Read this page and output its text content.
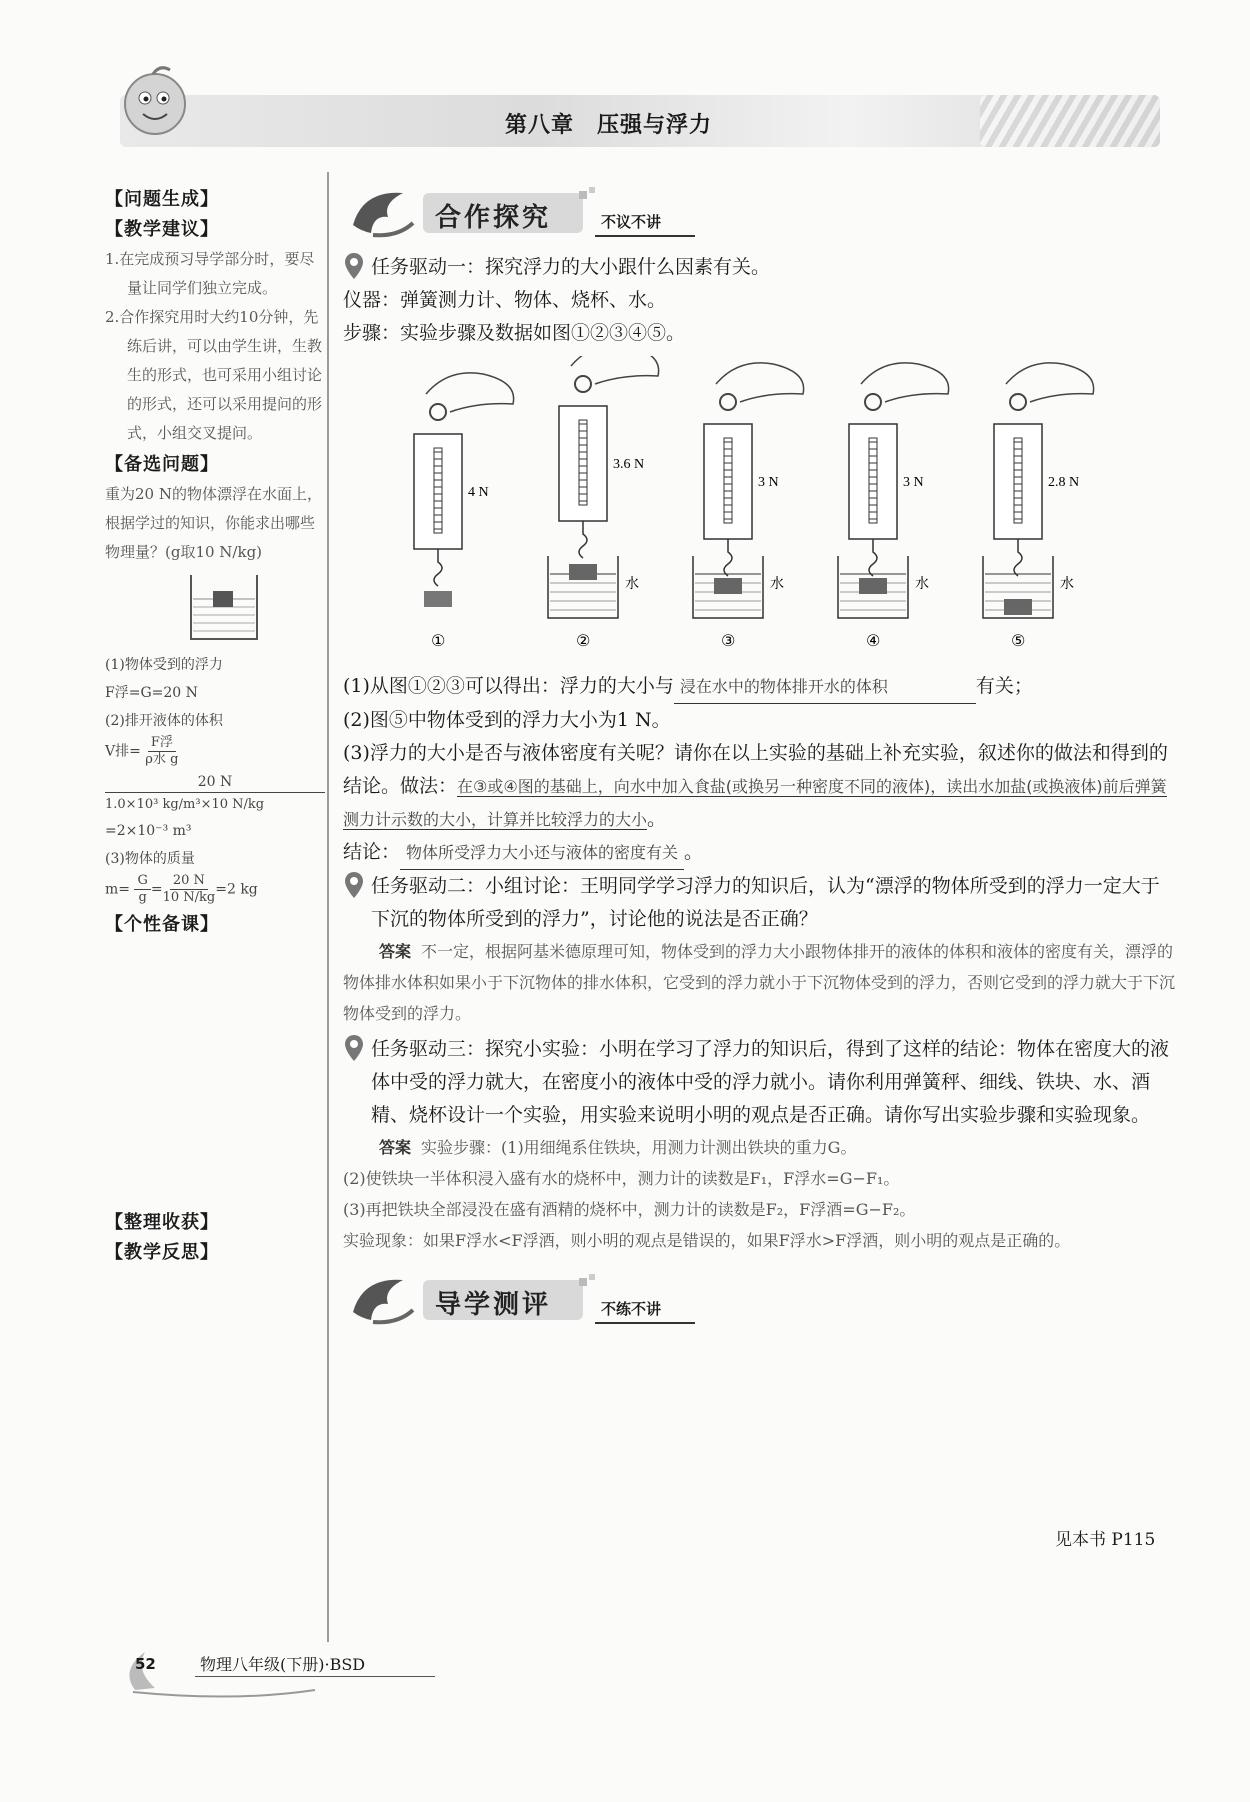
第八章　压强与浮力
【问题生成】
【教学建议】
1.在完成预习导学部分时，要尽量让同学们独立完成。
2.合作探究用时大约10分钟，先练后讲，可以由学生讲，生教生的形式，也可采用小组讨论的形式，还可以采用提问的形式，小组交叉提问。
【备选问题】
重为20 N的物体漂浮在水面上，根据学过的知识，你能求出哪些物理量？(g取10 N/kg)
(1)物体受到的浮力
F浮=G=20 N
(2)排开液体的体积
V排= $\frac{\text{F浮}}{\text{ρ水 g}}$
20 N
1.0×10³ kg/m³×10 N/kg
=2×10⁻³ m³
(3)物体的质量
$m= \frac{G}{g} = \frac{20 N}{10 N/kg} =2$ kg
【个性备课】
【整理收获】
【教学反思】
合作探究	不议不讲

任务驱动一：探究浮力的大小跟什么因素有关。

仪器：弹簧测力计、物体、烧杯、水。

步骤：实验步骤及数据如图①②③④⑤。

4 N
①
3.6 N
水
②
3 N
水
③
3 N
水
④
2.8 N
水
⑤

(1)从图①②③可以得出：浮力的大小与 浸在水中的物体排开水的体积	有关；

(2)图⑤中物体受到的浮力大小为1 N。

(3)浮力的大小是否与液体密度有关呢？请你在以上实验的基础上补充实验，叙述你的做法和得到的结论。做法：在③或④图的基础上，向水中加入食盐(或换另一种密度不同的液体)，读出水加盐(或换液体)前后弹簧测力计示数的大小，计算并比较浮力的大小。

结论： 物体所受浮力大小还与液体的密度有关 。

任务驱动二：小组讨论：王明同学学习浮力的知识后，认为“漂浮的物体所受到的浮力一定大于下沉的物体所受到的浮力”，讨论他的说法是否正确？

答案 不一定，根据阿基米德原理可知，物体受到的浮力大小跟物体排开的液体的体积和液体的密度有关，漂浮的物体排水体积如果小于下沉物体的排水体积，它受到的浮力就小于下沉物体受到的浮力，否则它受到的浮力就大于下沉物体受到的浮力。

任务驱动三：探究小实验：小明在学习了浮力的知识后，得到了这样的结论：物体在密度大的液体中受的浮力就大，在密度小的液体中受的浮力就小。请你利用弹簧秤、细线、铁块、水、酒精、烧杯设计一个实验，用实验来说明小明的观点是否正确。请你写出实验步骤和实验现象。

答案 实验步骤：(1)用细绳系住铁块，用测力计测出铁块的重力G。
(2)使铁块一半体积浸入盛有水的烧杯中，测力计的读数是F₁，F浮水=G−F₁。
(3)再把铁块全部浸没在盛有酒精的烧杯中，测力计的读数是F₂，F浮酒=G−F₂。
实验现象：如果F浮水<F浮酒，则小明的观点是错误的，如果F浮水>F浮酒，则小明的观点是正确的。
导学测评	不练不讲
见本书 P115
52	物理八年级(下册)·BSD
